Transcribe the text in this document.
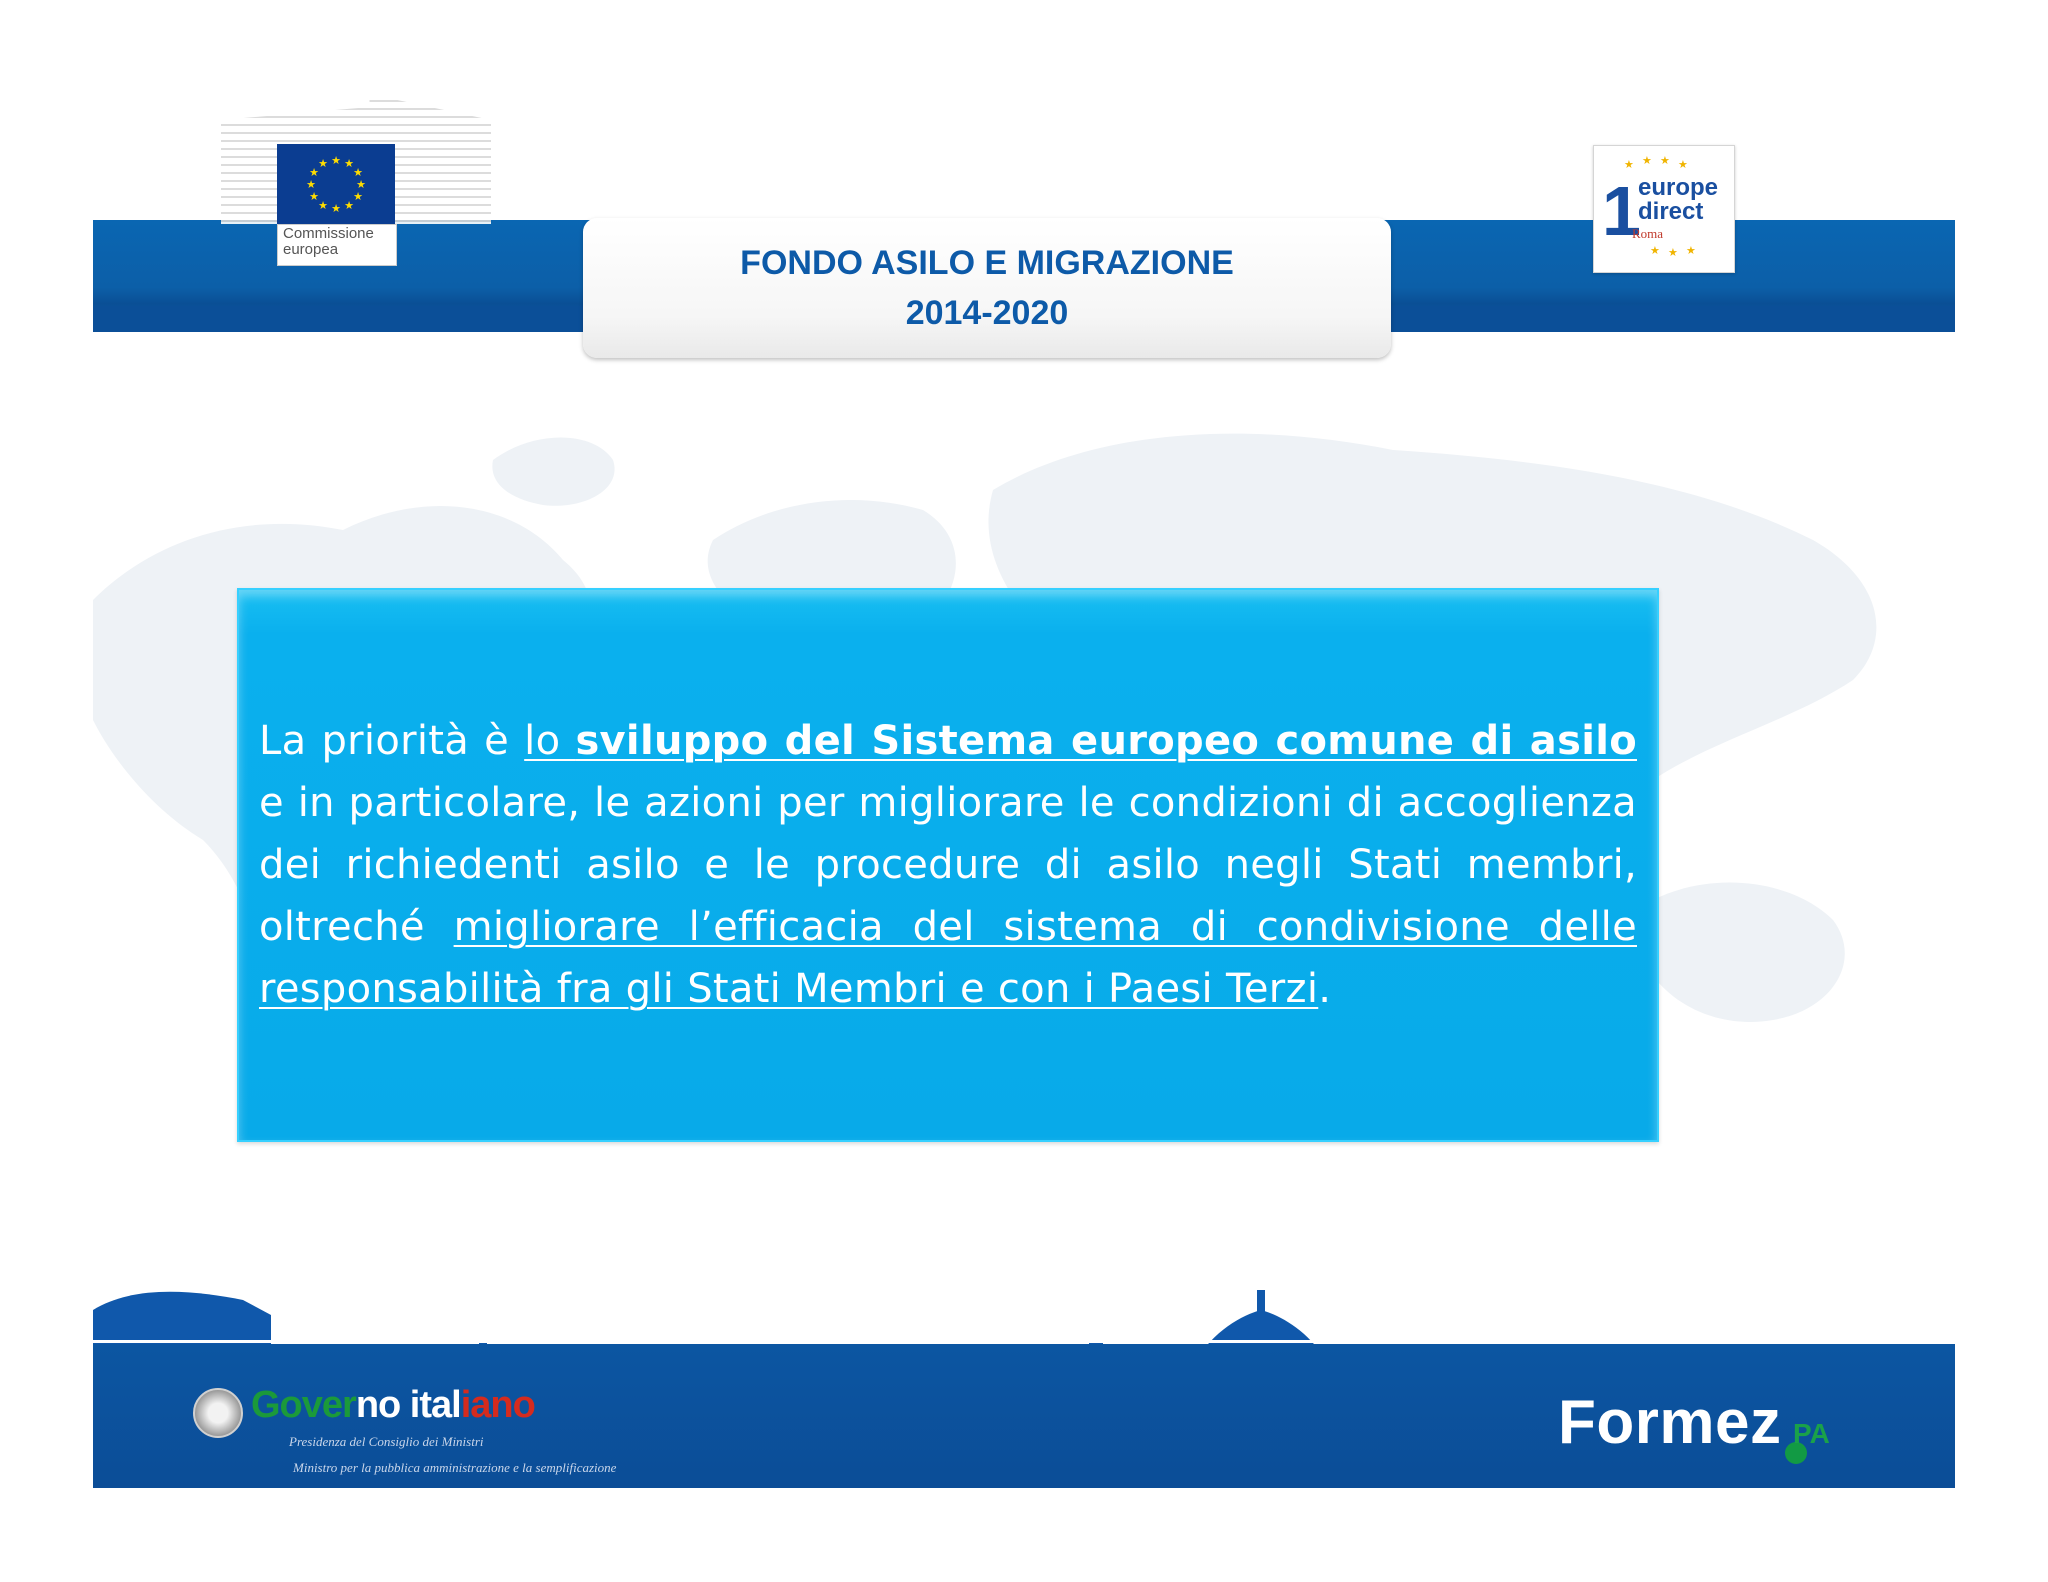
★ ★
★
★
★
★
★
★
★
★
★
★
Commissione
europea	FONDO ASILO E MIGRAZIONE
2014-2020
1
europe
direct
Roma
★ ★ ★ ★
★ ★ ★
La priorità è lo sviluppo del Sistema europeo comune di asilo e in particolare, le azioni per migliorare le condizioni di accoglienza dei richiedenti asilo e le procedure di asilo negli Stati membri, oltreché migliorare l’efficacia del sistema di condivisione delle responsabilità fra gli Stati Membri e con i Paesi Terzi.
Governo italiano
Presidenza del Consiglio dei Ministri
Ministro per la pubblica amministrazione e la semplificazione
Formez PA
